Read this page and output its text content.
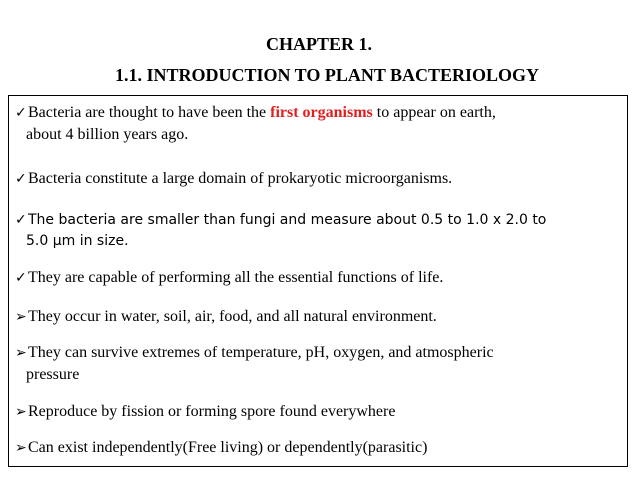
CHAPTER 1.
1.1. INTRODUCTION TO PLANT BACTERIOLOGY
✓Bacteria are thought to have been the first organisms to appear on earth,
about 4 billion years ago.
✓Bacteria constitute a large domain of prokaryotic microorganisms.
✓The bacteria are smaller than fungi and measure about 0.5 to 1.0 x 2.0 to
5.0 µm in size.
✓They are capable of performing all the essential functions of life.
➢They occur in water, soil, air, food, and all natural environment.
➢They can survive extremes of temperature, pH, oxygen, and atmospheric
pressure
➢Reproduce by fission or forming spore found everywhere
➢Can exist independently(Free living) or dependently(parasitic)
